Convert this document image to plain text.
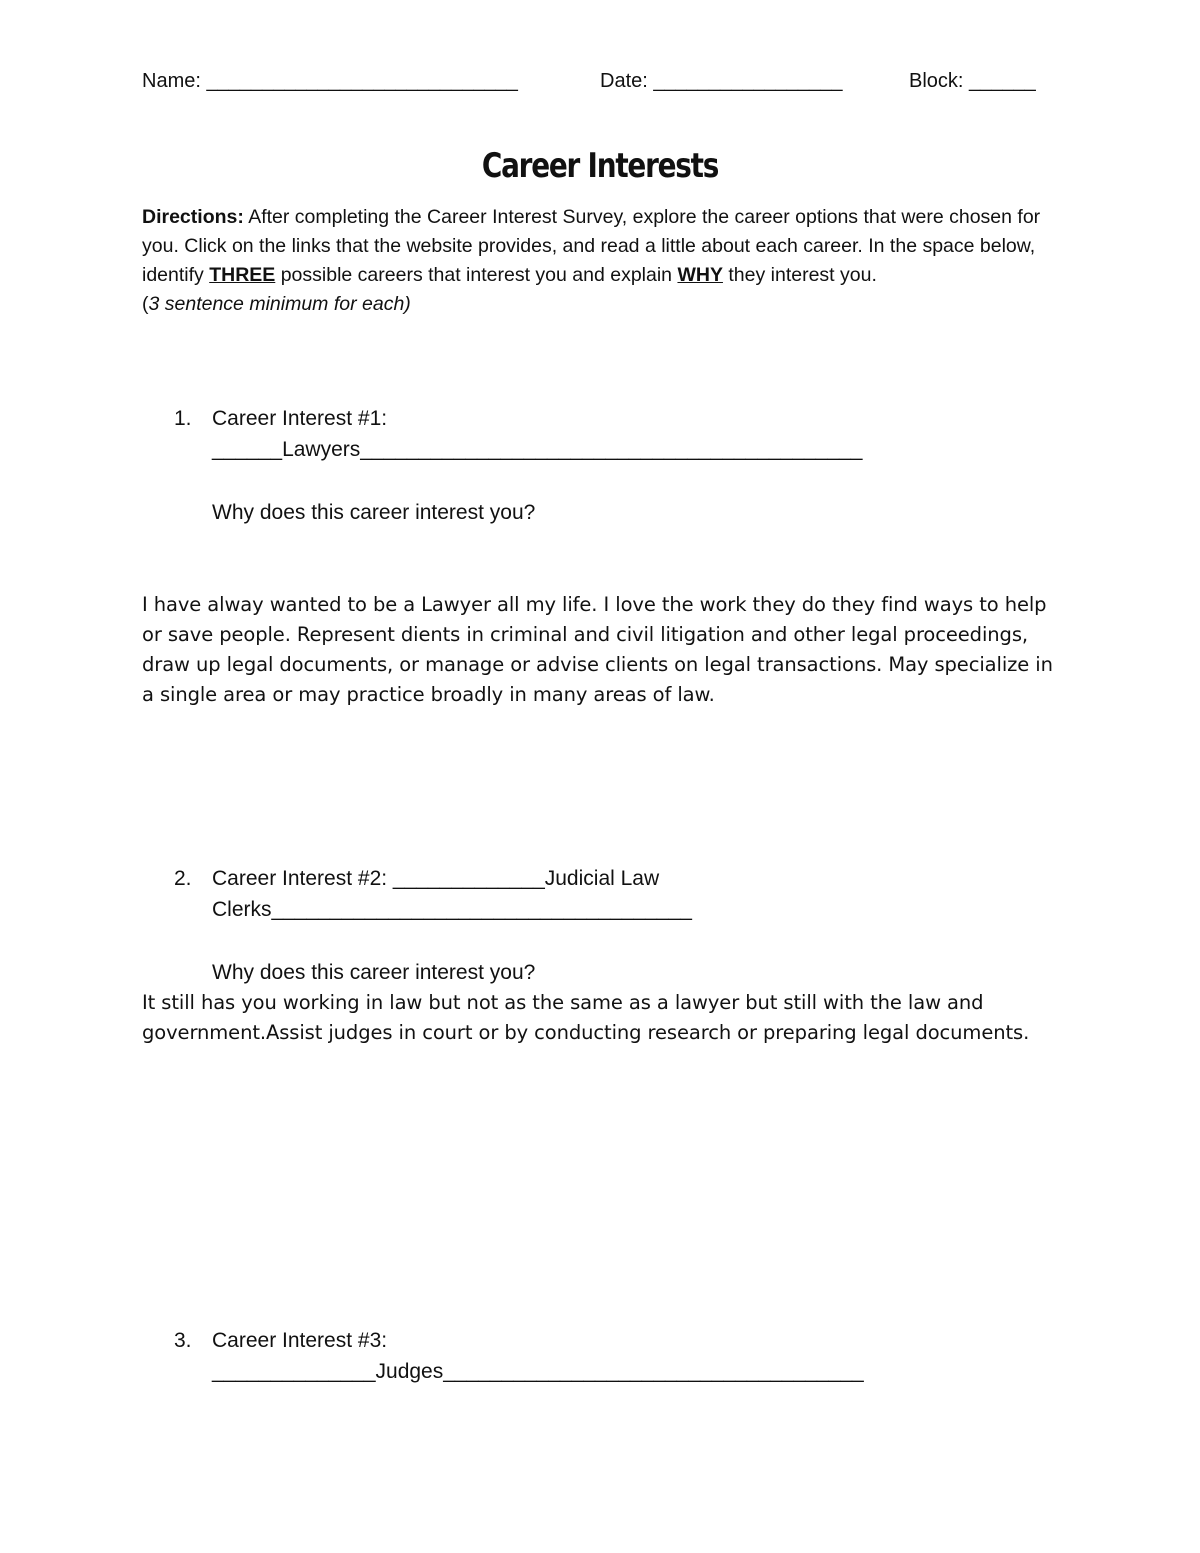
Name: ____________________________

	Date: _________________

	Block: ______

Career Interests
Directions: After completing the Career Interest Survey, explore the career options that were chosen for you. Click on the links that the website provides, and read a little about each career. In the space below, identify THREE possible careers that interest you and explain WHY they interest you.
(3 sentence minimum for each)
1. Career Interest #1:
______Lawyers___________________________________________
Why does this career interest you?
I have alway wanted to be a Lawyer all my life. I love the work they do they find ways to help or save people. Represent dients in criminal and civil litigation and other legal proceedings, draw up legal documents, or manage or advise clients on legal transactions. May specialize in a single area or may practice broadly in many areas of law.
2. Career Interest #2: _____________Judicial Law
Clerks____________________________________
Why does this career interest you?
It still has you working in law but not as the same as a lawyer but still with the law and government.Assist judges in court or by conducting research or preparing legal documents.
3. Career Interest #3:
______________Judges____________________________________
